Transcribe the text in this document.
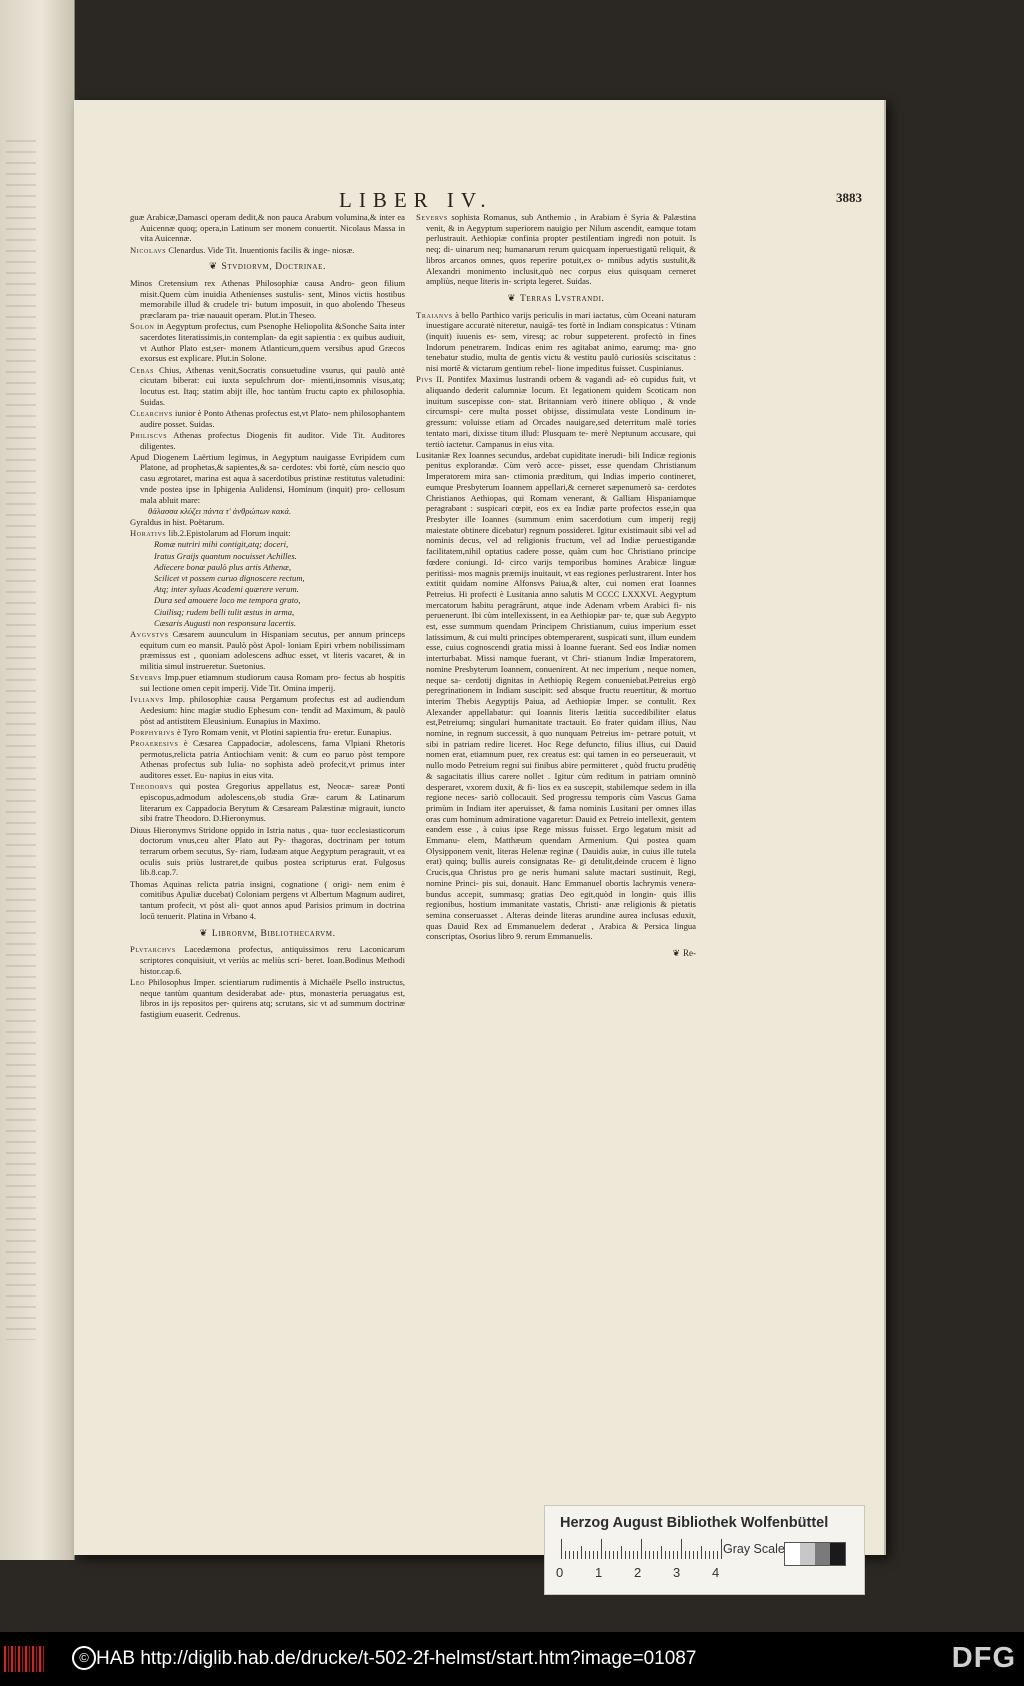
LIBER IV.	3883

guæ Arabicæ,Damasci operam dedit,& non pauca Arabum volumina,& inter ea Auicennæ quoq; opera,in Latinum ser monem conuertit. Nicolaus Massa in vita Auicennæ.

Nicolavs Clenardus. Vide Tit. Inuentionis facilis & inge- niosæ.

❦ Stvdiorvm, Doctrinae.

Minos Cretensium rex Athenas Philosophiæ causa Andro- geon filium misit.Quem cùm inuidia Athenienses sustulis- sent, Minos victis hostibus memorabile illud & crudele tri- butum imposuit, in quo abolendo Theseus præclaram pa- triæ nauauit operam. Plut.in Theseo.

Solon in Aegyptum profectus, cum Psenophe Heliopolita &Sonche Saita inter sacerdotes literatissimis,in contemplan- da egit sapientia : ex quibus audiuit, vt Author Plato est,ser- monem Atlanticum,quem versibus apud Græcos exorsus est explicare. Plut.in Solone.

Cebas Chius, Athenas venit,Socratis consuetudine vsurus, qui paulò antè cicutam biberat: cui iuxta sepulchrum dor- mienti,insomnis visus,atq; locutus est. Itaq; statim abijt ille, hoc tantùm fructu capto ex philosophia. Suidas.

Clearchvs iunior è Ponto Athenas profectus est,vt Plato- nem philosophantem audire posset. Suidas.

Philiscvs Athenas profectus Diogenis fit auditor. Vide Tit. Auditores diligentes.

Apud Diogenem Laërtium legimus, in Aegyptum nauigasse Evripidem cum Platone, ad prophetas,& sapientes,& sa- cerdotes: vbi fortè, cùm nescio quo casu ægrotaret, marina est aqua à sacerdotibus pristinæ restitutus valetudini: vnde postea ipse in Iphigenia Aulidensi, Hominum (inquit) pro- cellosum mala abluit mare:

θάλασσα κλύζει πάντα τ' ἀνθρώπων κακά.

Gyraldus in hist. Poëtarum.

Horativs lib.2.Epistolarum ad Florum inquit:

Romæ nutriri mihi contigit,atq; doceri,

Iratus Graijs quantum nocuisset Achilles.

Adiecere bonæ paulò plus artis Athenæ,

Scilicet vt possem curuo dignoscere rectum,

Atq; inter syluas Academi quærere verum.

Dura sed amouere loco me tempora grato,

Ciuilisq; rudem belli tulit æstus in arma,

Cæsaris Augusti non responsura lacertis.

Avgvstvs Cæsarem auunculum in Hispaniam secutus, per annum princeps equitum cum eo mansit. Paulò pòst Apol- loniam Epiri vrbem nobilissimam præmissus est , quoniam adolescens adhuc esset, vt literis vacaret, & in militia simul instrueretur. Suetonius.

Severvs Imp.puer etiamnum studiorum causa Romam pro- fectus ab hospitis sui lectione omen cepit imperij. Vide Tit. Omina imperij.

Ivlianvs Imp. philosophiæ causa Pergamum profectus est ad audiendum Aedesium: hinc magiæ studio Ephesum con- tendit ad Maximum, & paulò pòst ad antistitem Eleusinium. Eunapius in Maximo.

Porphyrivs è Tyro Romam venit, vt Plotini sapientia fru- eretur. Eunapius.

Proaeresivs è Cæsarea Cappadociæ, adolescens, fama Vlpiani Rhetoris permotus,relicta patria Antiochiam venit: & cum eo paruo pòst tempore Athenas profectus sub Iulia- no sophista adeò profecit,vt primus inter auditores esset. Eu- napius in eius vita.

Theodorvs qui postea Gregorius appellatus est, Neocæ- sareæ Ponti episcopus,admodum adolescens,ob studia Græ- carum & Latinarum literarum ex Cappadocia Berytum & Cæsaream Palæstinæ migrauit, iuncto sibi fratre Theodoro. D.Hieronymus.

Diuus Hieronymvs Stridone oppido in Istria natus , qua- tuor ecclesiasticorum doctorum vnus,ceu alter Plato aut Py- thagoras, doctrinam per totum terrarum orbem secutus, Sy- riam, Iudæam atque Aegyptum peragrauit, vt ea oculis suis priùs lustraret,de quibus postea scripturus erat. Fulgosus lib.8.cap.7.

Thomas Aquinas relicta patria insigni, cognatione ( origi- nem enim è comitibus Apuliæ ducebat) Coloniam pergens vt Albertum Magnum audiret, tantum profecit, vt pòst ali- quot annos apud Parisios primum in doctrina locū tenuerit. Platina in Vrbano 4.

❦ Librorvm, Bibliothecarvm.

Plvtarchvs Lacedæmona profectus, antiquissimos reru Laconicarum scriptores conquisiuit, vt veriùs ac meliùs scri- beret. Ioan.Bodinus Methodi histor.cap.6.

Leo Philosophus Imper. scientiarum rudimentis à Michaële Psello instructus, neque tantùm quantum desiderabat ade- ptus, monasteria peruagatus est, libros in ijs repositos per- quirens atq; scrutans, sic vt ad summum doctrinæ fastigium euaserit. Cedrenus.

Severvs sophista Romanus, sub Anthemio , in Arabiam è Syria & Palæstina venit, & in Aegyptum superiorem nauigio per Nilum ascendit, eamque totam perlustrauit. Aethiopiæ confinia propter pestilentiam ingredi non potuit. Is neq; di- uinarum neq; humanarum rerum quicquam inperuestigatū reliquit, & libros arcanos omnes, quos reperire potuit,ex o- mnibus adytis sustulit,& Alexandri monimento inclusit,quò nec corpus eius quisquam cerneret ampliùs, neque literis in- scripta legeret. Suidas.

❦ Terras Lvstrandi.

Traianvs à bello Parthico varijs periculis in mari iactatus, cùm Oceani naturam inuestigare accuratè niteretur, nauigā- tes fortè in Indiam conspicatus : Vtinam (inquit) iuuenis es- sem, viresq; ac robur suppeterent. profectò in fines Indorum penetrarem. Indicas enim res agitabat animo, earumq; ma- gno tenebatur studio, multa de gentis victu & vestitu paulò curiosiùs sciscitatus : nisi mortē & victarum gentium rebel- lione impeditus fuisset. Cuspinianus.

Pivs II. Pontifex Maximus lustrandi orbem & vagandi ad- eò cupidus fuit, vt aliquando dederit calumniæ locum. Et legationem quidem Scoticam non inuitum suscepisse con- stat. Britanniam verò itinere obliquo , & vnde circumspi- cere multa posset obijsse, dissimulata veste Londinum in- gressum: voluisse etiam ad Orcades nauigare,sed deterritum malè tories tentato mari, dixisse titum illud: Plusquam te- merè Neptunum accusare, qui tertiò iactetur. Campanus in eius vita.

Lusitaniæ Rex Ioannes secundus, ardebat cupiditate inerudi- bili Indicæ regionis penitus explorandæ. Cùm verò acce- pisset, esse quendam Christianum Imperatorem mira san- ctimonia præditum, qui Indias imperio contineret, eumque Presbyterum Ioannem appellari,& cerneret sæpenumerò sa- cerdotes Christianos Aethiopas, qui Romam venerant, & Galliam Hispaniamque peragrabant : suspicari cœpit, eos ex ea Indiæ parte profectos esse,in qua Presbyter ille Ioannes (summum enim sacerdotium cum imperij regij maiestate obtinere dicebatur) regnum possideret. Igitur existimauit sibi vel ad nominis decus, vel ad religionis fructum, vel ad Indiæ peruestigandæ facilitatem,nihil optatius cadere posse, quàm cum hoc Christiano principe fœdere coniungi. Id- circo varijs temporibus homines Arabicæ linguæ peritissi- mos magnis præmijs inuitauit, vt eas regiones perlustrarent. Inter hos extitit quidam nomine Alfonsvs Paiua,& alter, cui nomen erat Ioannes Petreius. Hi profecti è Lusitania anno salutis M CCCC LXXXVI. Aegyptum mercatorum habitu peragrārunt, atque inde Adenam vrbem Arabici fi- nis peruenerunt. Ibi cùm intellexissent, in ea Aethiopiæ par- te, quæ sub Aegypto est, esse summum quendam Principem Christianum, cuius imperium esset latissimum, & cui multi principes obtemperarent, suspicati sunt, illum eundem esse, cuius cognoscendi gratia missi à Ioanne fuerant. Sed eos Indiæ nomen interturbabat. Missi namque fuerant, vt Chri- stianum Indiæ Imperatorem, nomine Presbyterum Ioannem, conuenirent. At nec imperium , neque nomen, neque sa- cerdotij dignitas in Aethiopię Regem conueniebat.Petreius ergò peregrinationem in Indiam suscipit: sed absque fructu reuertitur, & mortuo interim Thebis Aegyptijs Paiua, ad Aethiopiæ Imper. se contulit. Rex Alexander appellabatur: qui Ioannis literis lætitia succedibiliter elatus est,Petreiumq; singulari humanitate tractauit. Eo frater quidam illius, Nau nomine, in regnum successit, à quo nunquam Petreius im- petrare potuit, vt sibi in patriam redire liceret. Hoc Rege defuncto, filius illius, cui Dauid nomen erat, etiamnum puer, rex creatus est: qui tamen in eo perseuerauit, vt nullo modo Petreium regni sui finibus abire permitteret , quòd fructu prudētię & sagacitatis illius carere nollet . Igitur cùm reditum in patriam omninò desperaret, vxorem duxit, & fi- lios ex ea suscepit, stabilemque sedem in illa regione neces- sariò collocauit. Sed progressu temporis cùm Vascus Gama primùm in Indiam iter aperuisset, & fama nominis Lusitani per omnes illas oras cum hominum admiratione vagaretur: Dauid ex Petreio intellexit, gentem eandem esse , à cuius ipse Rege missus fuisset. Ergo legatum misit ad Emmanu- elem, Matthæum quendam Armenium. Qui postea quam Olysipponem venit, literas Helenæ reginæ ( Dauidis auiæ, in cuius ille tutela erat) quinq; bullis aureis consignatas Re- gi detulit,deinde crucem è ligno Crucis,qua Christus pro ge neris humani salute mactari sustinuit, Regi, nomine Princi- pis sui, donauit. Hanc Emmanuel obortis lachrymis venera- bundus accepit, summasq; gratias Deo egit,quòd in longin- quis illis regionibus, hostium immanitate vastatis, Christi- anæ religionis & pietatis semina conseruasset . Alteras deinde literas arundine aurea inclusas eduxit, quas Dauid Rex ad Emmanuelem dederat , Arabica & Persica lingua conscriptas, Osorius libro 9. rerum Emmanuelis.

❦ Re-
Herzog August Bibliothek Wolfenbüttel
0 1 2 3 4
Gray Scale
© HAB http://diglib.hab.de/drucke/t-502-2f-helmst/start.htm?image=01087	DFG
